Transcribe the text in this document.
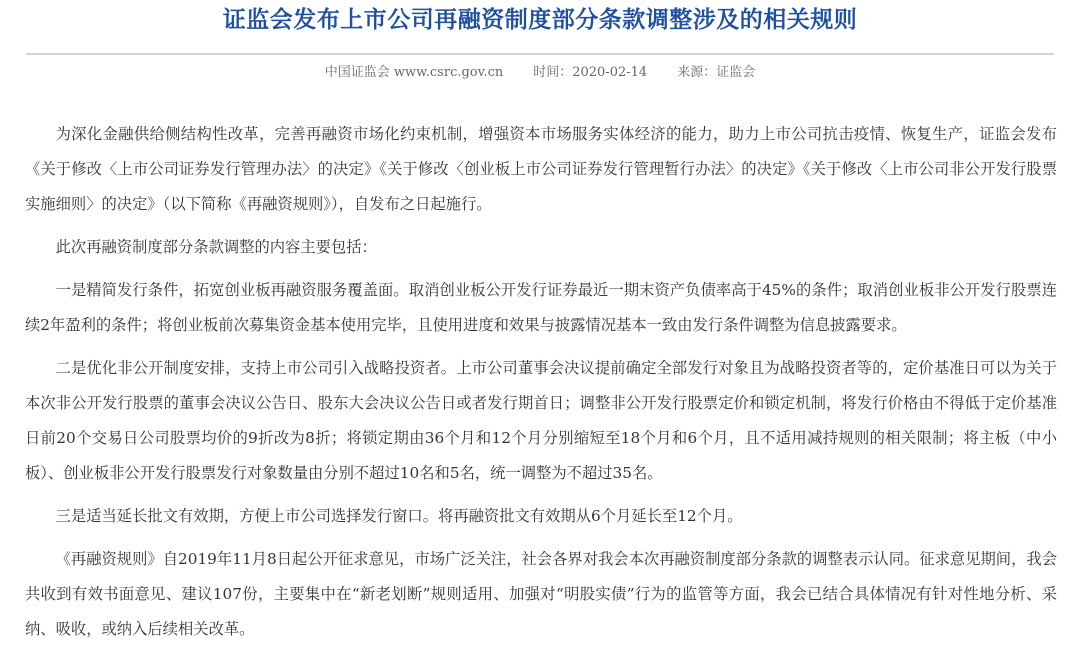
证监会发布上市公司再融资制度部分条款调整涉及的相关规则
中国证监会 www.csrc.gov.cn 时间：2020-02-14 来源：证监会

为深化金融供给侧结构性改革，完善再融资市场化约束机制，增强资本市场服务实体经济的能力，助力上市公司抗击疫情、恢复生产，证监会发布《关于修改〈上市公司证券发行管理办法〉的决定》《关于修改〈创业板上市公司证券发行管理暂行办法〉的决定》《关于修改〈上市公司非公开发行股票实施细则〉的决定》（以下简称《再融资规则》），自发布之日起施行。

此次再融资制度部分条款调整的内容主要包括：

一是精简发行条件，拓宽创业板再融资服务覆盖面。取消创业板公开发行证券最近一期末资产负债率高于45%的条件；取消创业板非公开发行股票连续2年盈利的条件；将创业板前次募集资金基本使用完毕，且使用进度和效果与披露情况基本一致由发行条件调整为信息披露要求。

二是优化非公开制度安排，支持上市公司引入战略投资者。上市公司董事会决议提前确定全部发行对象且为战略投资者等的，定价基准日可以为关于本次非公开发行股票的董事会决议公告日、股东大会决议公告日或者发行期首日；调整非公开发行股票定价和锁定机制，将发行价格由不得低于定价基准日前20个交易日公司股票均价的9折改为8折；将锁定期由36个月和12个月分别缩短至18个月和6个月，且不适用减持规则的相关限制；将主板（中小板）、创业板非公开发行股票发行对象数量由分别不超过10名和5名，统一调整为不超过35名。

三是适当延长批文有效期，方便上市公司选择发行窗口。将再融资批文有效期从6个月延长至12个月。

《再融资规则》自2019年11月8日起公开征求意见，市场广泛关注，社会各界对我会本次再融资制度部分条款的调整表示认同。征求意见期间，我会共收到有效书面意见、建议107份，主要集中在“新老划断”规则适用、加强对“明股实债”行为的监管等方面，我会已结合具体情况有针对性地分析、采纳、吸收，或纳入后续相关改革。
